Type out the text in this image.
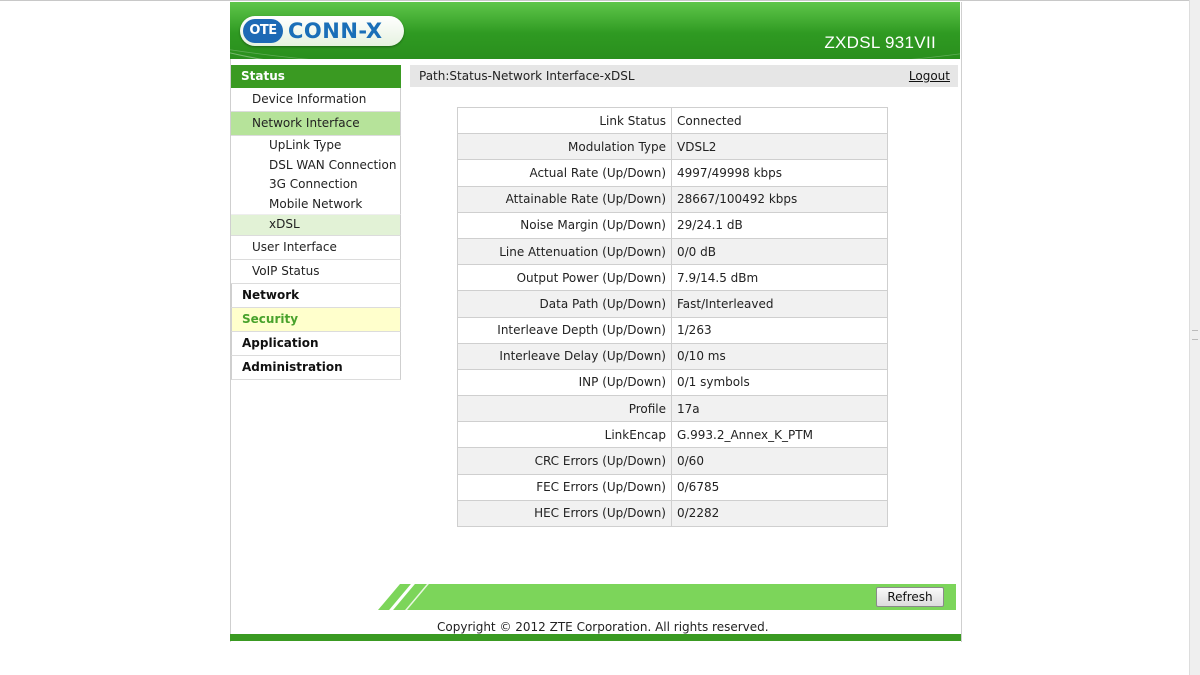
OTE CONN-X	ZXDSL 931VII
Status
Device Information
Network Interface
UpLink Type
DSL WAN Connection
3G Connection
Mobile Network
xDSL
User Interface
VoIP Status
Network
Security
Application
Administration
Path:Status-Network Interface-xDSL	Logout
Link Status	Connected
Modulation Type	VDSL2
Actual Rate (Up/Down)	4997/49998 kbps
Attainable Rate (Up/Down)	28667/100492 kbps
Noise Margin (Up/Down)	29/24.1 dB
Line Attenuation (Up/Down)	0/0 dB
Output Power (Up/Down)	7.9/14.5 dBm
Data Path (Up/Down)	Fast/Interleaved
Interleave Depth (Up/Down)	1/263
Interleave Delay (Up/Down)	0/10 ms
INP (Up/Down)	0/1 symbols
Profile	17a
LinkEncap	G.993.2_Annex_K_PTM
CRC Errors (Up/Down)	0/60
FEC Errors (Up/Down)	0/6785
HEC Errors (Up/Down)	0/2282
Refresh
Copyright © 2012 ZTE Corporation. All rights reserved.
